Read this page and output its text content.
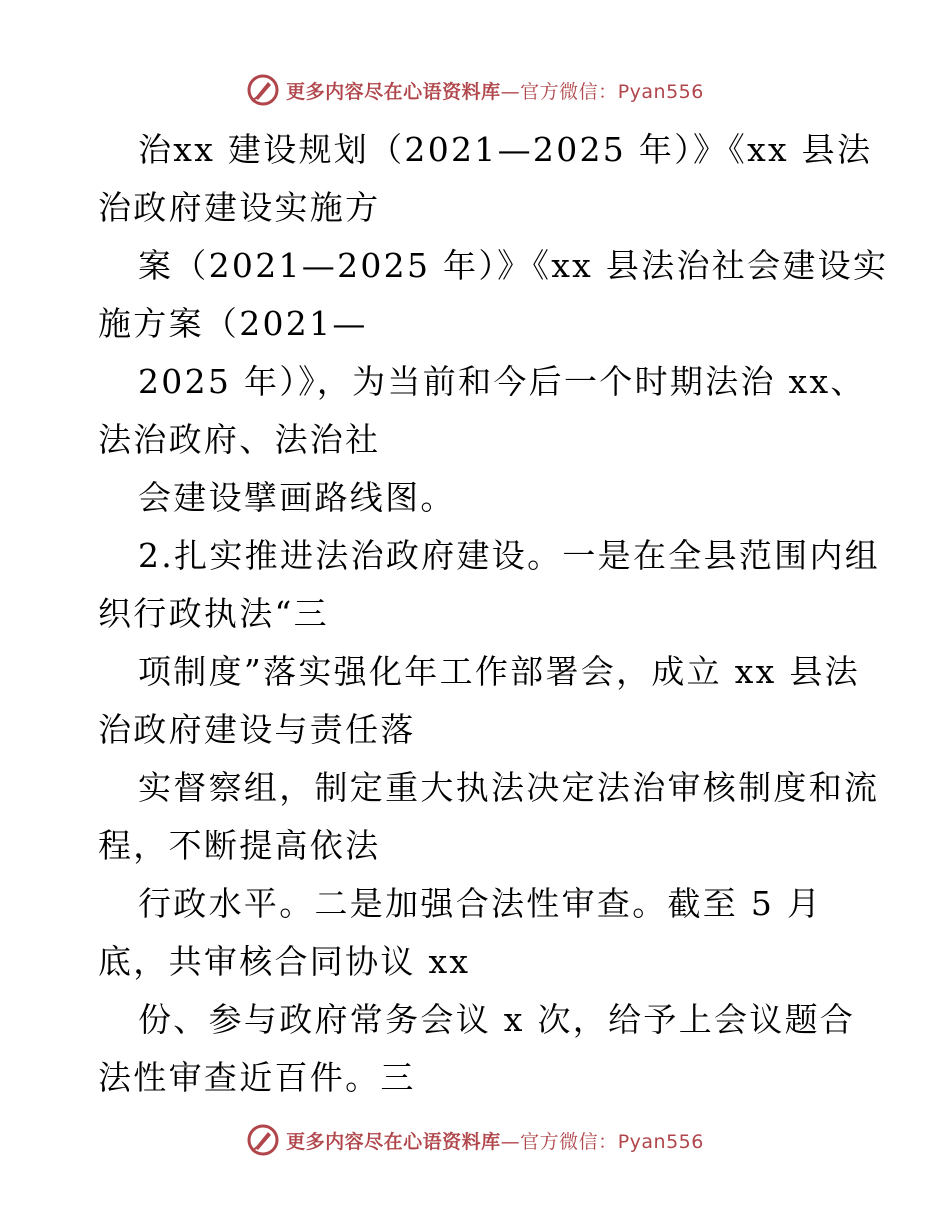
更多内容尽在心语资料库—官方微信：Pyan556
治xx 建设规划（2021—2025 年）》《xx 县法
治政府建设实施方
案（2021—2025 年）》《xx 县法治社会建设实
施方案（2021—
2025 年）》，为当前和今后一个时期法治 xx、
法治政府、法治社
会建设擘画路线图。
2.扎实推进法治政府建设。一是在全县范围内组
织行政执法“三
项制度”落实强化年工作部署会，成立 xx 县法
治政府建设与责任落
实督察组，制定重大执法决定法治审核制度和流
程，不断提高依法
行政水平。二是加强合法性审查。截至 5 月
底，共审核合同协议 xx
份、参与政府常务会议 x 次，给予上会议题合
法性审查近百件。三
更多内容尽在心语资料库—官方微信：Pyan556
